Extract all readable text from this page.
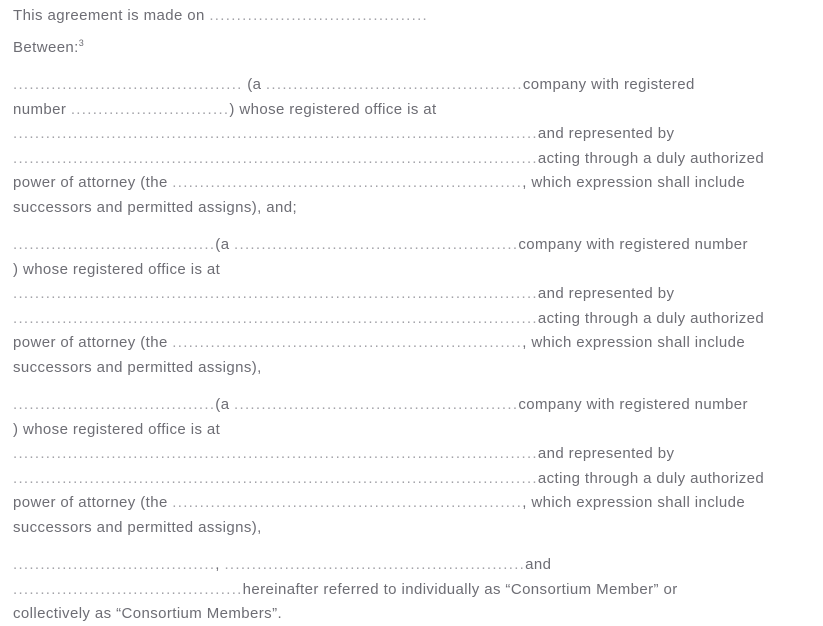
This agreement is made on ........................................
Between:$^3$
.......................................... (a ...............................................company with registered
number .............................) whose registered office is at
................................................................................................and represented by
................................................................................................acting through a duly authorized
power of attorney (the ................................................................, which expression shall include
successors and permitted assigns), and;
.....................................(a ....................................................company with registered number
) whose registered office is at
................................................................................................and represented by
................................................................................................acting through a duly authorized
power of attorney (the ................................................................, which expression shall include
successors and permitted assigns),
.....................................(a ....................................................company with registered number
) whose registered office is at
................................................................................................and represented by
................................................................................................acting through a duly authorized
power of attorney (the ................................................................, which expression shall include
successors and permitted assigns),
....................................., .......................................................and
..........................................hereinafter referred to individually as “Consortium Member” or
collectively as “Consortium Members”.
